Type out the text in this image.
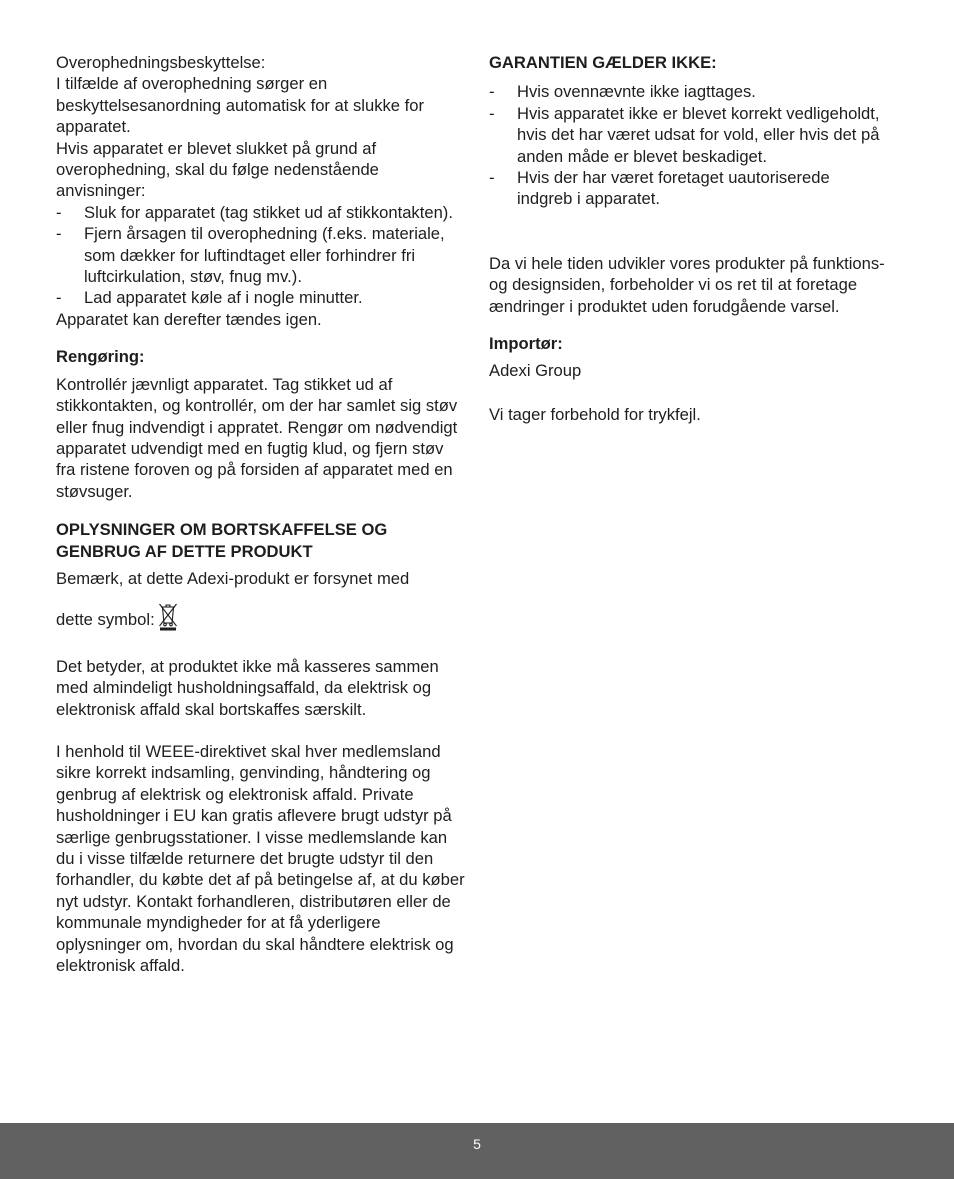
Overophedningsbeskyttelse:

I tilfælde af overophedning sørger en beskyttelsesanordning automatisk for at slukke for apparatet.

Hvis apparatet er blevet slukket på grund af overophedning, skal du følge nedenstående anvisninger:

- Sluk for apparatet (tag stikket ud af stikkontakten).
- Fjern årsagen til overophedning (f.eks. materiale, som dækker for luftindtaget eller forhindrer fri luftcirkulation, støv, fnug mv.).
- Lad apparatet køle af i nogle minutter.

Apparatet kan derefter tændes igen.

Rengøring:

Kontrollér jævnligt apparatet. Tag stikket ud af stikkontakten, og kontrollér, om der har samlet sig støv eller fnug indvendigt i appratet. Rengør om nødvendigt apparatet udvendigt med en fugtig klud, og fjern støv fra ristene foroven og på forsiden af apparatet med en støvsuger.

OPLYSNINGER OM BORTSKAFFELSE OG

GENBRUG AF DETTE PRODUKT

Bemærk, at dette Adexi-produkt er forsynet med

dette symbol:

Det betyder, at produktet ikke må kasseres sammen med almindeligt husholdningsaffald, da elektrisk og elektronisk affald skal bortskaffes særskilt.

I henhold til WEEE-direktivet skal hver medlemsland sikre korrekt indsamling, genvinding, håndtering og genbrug af elektrisk og elektronisk affald. Private husholdninger i EU kan gratis aflevere brugt udstyr på særlige genbrugsstationer. I visse medlemslande kan du i visse tilfælde returnere det brugte udstyr til den forhandler, du købte det af på betingelse af, at du køber nyt udstyr. Kontakt forhandleren, distributøren eller de kommunale myndigheder for at få yderligere oplysninger om, hvordan du skal håndtere elektrisk og elektronisk affald.

GARANTIEN GÆLDER IKKE:

- Hvis ovennævnte ikke iagttages.
- Hvis apparatet ikke er blevet korrekt vedligeholdt, hvis det har været udsat for vold, eller hvis det på anden måde er blevet beskadiget.
- Hvis der har været foretaget uautoriserede indgreb i apparatet.

Da vi hele tiden udvikler vores produkter på funktions- og designsiden, forbeholder vi os ret til at foretage ændringer i produktet uden forudgående varsel.

Importør:

Adexi Group

Vi tager forbehold for trykfejl.

5
